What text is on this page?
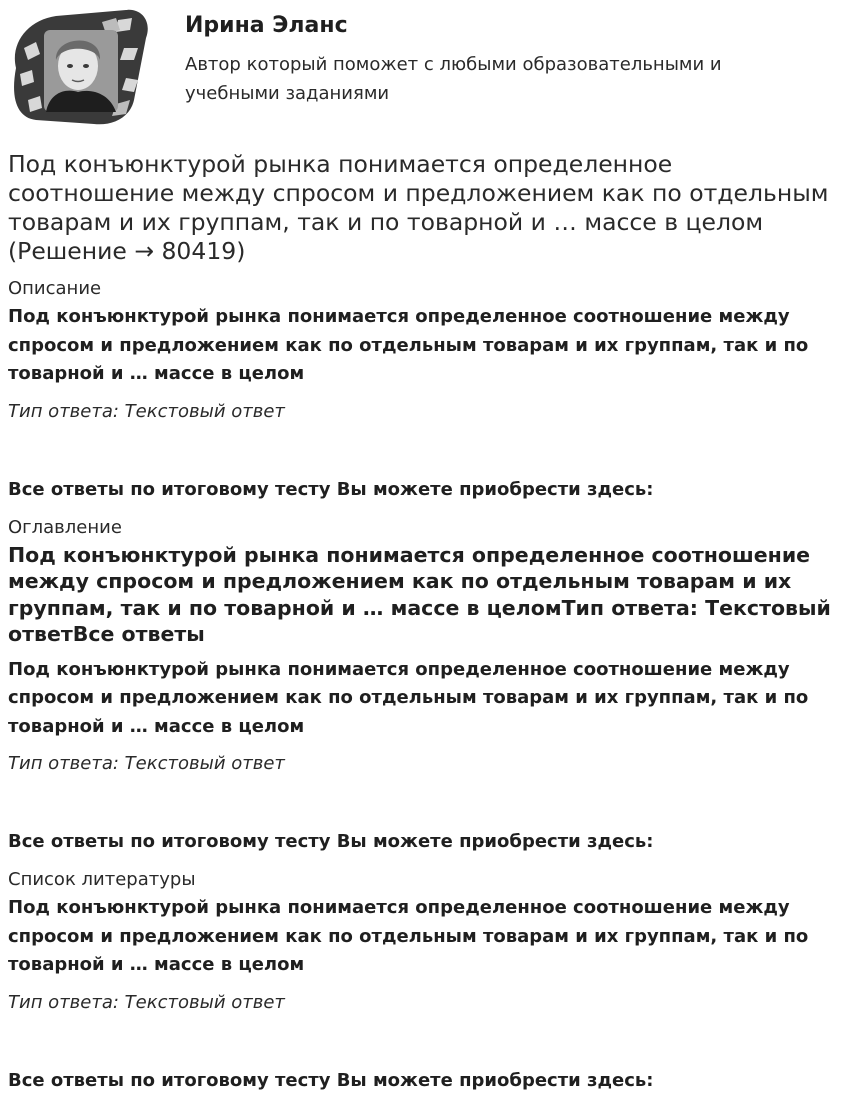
Ирина Эланс
Автор который поможет с любыми образовательными и учебными заданиями
Под конъюнктурой рынка понимается определенное соотношение между спросом и предложением как по отдельным товарам и их группам, так и по товарной и … массе в целом (Решение → 80419)

Описание

Под конъюнктурой рынка понимается определенное соотношение между спросом и предложением как по отдельным товарам и их группам, так и по товарной и … массе в целом

Тип ответа: Текстовый ответ

Все ответы по итоговому тесту Вы можете приобрести здесь:

Оглавление

Под конъюнктурой рынка понимается определенное соотношение между спросом и предложением как по отдельным товарам и их группам, так и по товарной и … массе в целомТип ответа: Текстовый ответВсе ответы

Под конъюнктурой рынка понимается определенное соотношение между спросом и предложением как по отдельным товарам и их группам, так и по товарной и … массе в целом

Тип ответа: Текстовый ответ

Все ответы по итоговому тесту Вы можете приобрести здесь:

Список литературы

Под конъюнктурой рынка понимается определенное соотношение между спросом и предложением как по отдельным товарам и их группам, так и по товарной и … массе в целом

Тип ответа: Текстовый ответ

Все ответы по итоговому тесту Вы можете приобрести здесь:
